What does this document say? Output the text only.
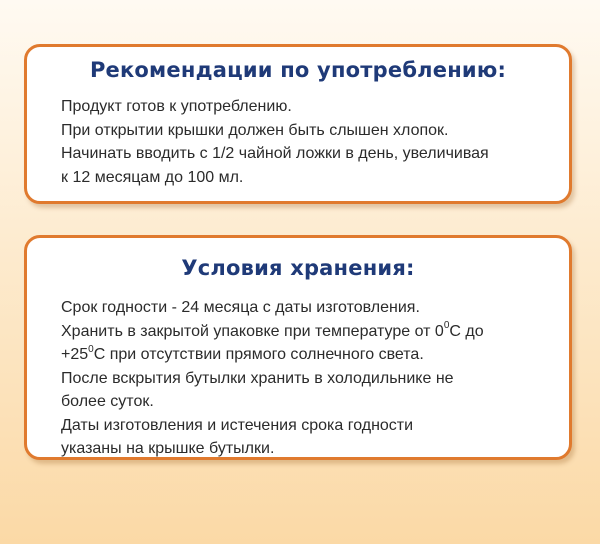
Рекомендации по употреблению:
Продукт готов к употреблению.
При открытии крышки должен быть слышен хлопок.
Начинать вводить с 1/2 чайной ложки в день, увеличивая
к 12 месяцам до 100 мл.
Условия хранения:
Срок годности - 24 месяца с даты изготовления.
Хранить в закрытой упаковке при температуре от $0^0С$ до
$+25^0С$ при отсутствии прямого солнечного света.
После вскрытия бутылки хранить в холодильнике не
более суток.
Даты изготовления и истечения срока годности
указаны на крышке бутылки.
